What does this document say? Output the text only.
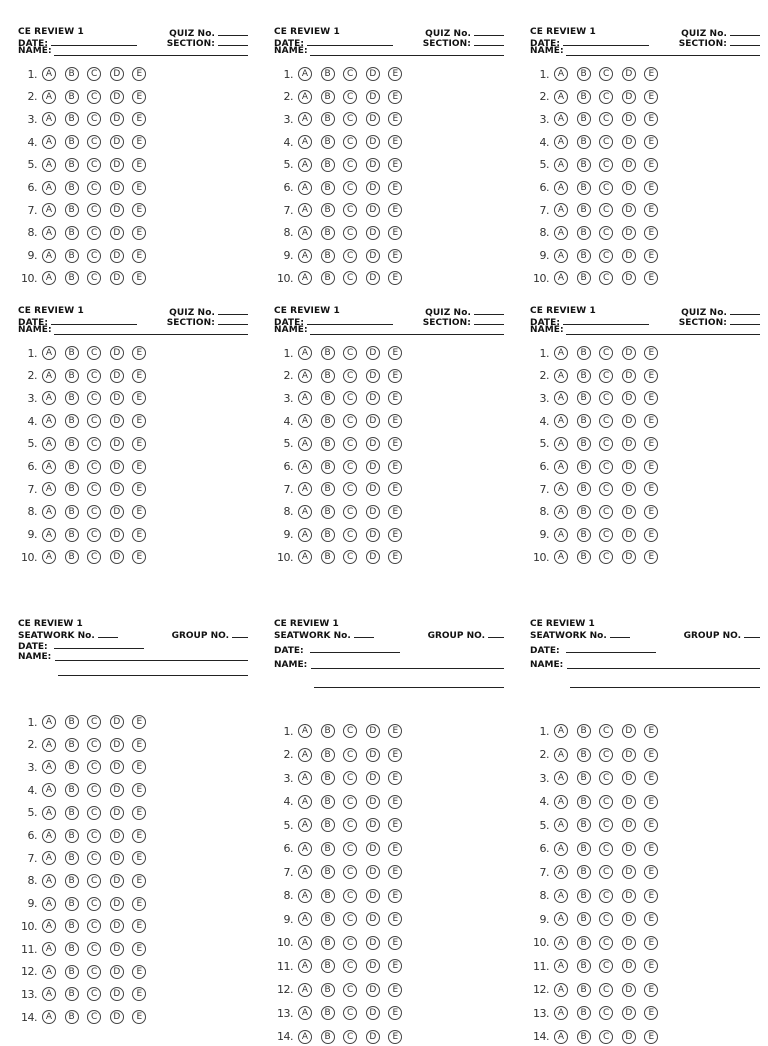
CE REVIEW 1	QUIZ No.
DATE:	SECTION:
NAME:
1. A	B	C	D	E
2. A	B	C	D	E
3. A	B	C	D	E
4. A	B	C	D	E
5. A	B	C	D	E
6. A	B	C	D	E
7. A	B	C	D	E
8. A	B	C	D	E
9. A	B	C	D	E
10. A	B	C	D	E
CE REVIEW 1	QUIZ No.
DATE:	SECTION:
NAME:
1. A	B	C	D	E
2. A	B	C	D	E
3. A	B	C	D	E
4. A	B	C	D	E
5. A	B	C	D	E
6. A	B	C	D	E
7. A	B	C	D	E
8. A	B	C	D	E
9. A	B	C	D	E
10. A	B	C	D	E
CE REVIEW 1	QUIZ No.
DATE:	SECTION:
NAME:
1. A	B	C	D	E
2. A	B	C	D	E
3. A	B	C	D	E
4. A	B	C	D	E
5. A	B	C	D	E
6. A	B	C	D	E
7. A	B	C	D	E
8. A	B	C	D	E
9. A	B	C	D	E
10. A	B	C	D	E
CE REVIEW 1	QUIZ No.
DATE:	SECTION:
NAME:
1. A	B	C	D	E
2. A	B	C	D	E
3. A	B	C	D	E
4. A	B	C	D	E
5. A	B	C	D	E
6. A	B	C	D	E
7. A	B	C	D	E
8. A	B	C	D	E
9. A	B	C	D	E
10. A	B	C	D	E
CE REVIEW 1	QUIZ No.
DATE:	SECTION:
NAME:
1. A	B	C	D	E
2. A	B	C	D	E
3. A	B	C	D	E
4. A	B	C	D	E
5. A	B	C	D	E
6. A	B	C	D	E
7. A	B	C	D	E
8. A	B	C	D	E
9. A	B	C	D	E
10. A	B	C	D	E
CE REVIEW 1	QUIZ No.
DATE:	SECTION:
NAME:
1. A	B	C	D	E
2. A	B	C	D	E
3. A	B	C	D	E
4. A	B	C	D	E
5. A	B	C	D	E
6. A	B	C	D	E
7. A	B	C	D	E
8. A	B	C	D	E
9. A	B	C	D	E
10. A	B	C	D	E
CE REVIEW 1
SEATWORK No.	GROUP NO.
DATE:
NAME:
1. A	B	C	D	E
2. A	B	C	D	E
3. A	B	C	D	E
4. A	B	C	D	E
5. A	B	C	D	E
6. A	B	C	D	E
7. A	B	C	D	E
8. A	B	C	D	E
9. A	B	C	D	E
10. A	B	C	D	E
11. A	B	C	D	E
12. A	B	C	D	E
13. A	B	C	D	E
14. A	B	C	D	E
CE REVIEW 1
SEATWORK No.	GROUP NO.
DATE:
NAME:
1. A	B	C	D	E
2. A	B	C	D	E
3. A	B	C	D	E
4. A	B	C	D	E
5. A	B	C	D	E
6. A	B	C	D	E
7. A	B	C	D	E
8. A	B	C	D	E
9. A	B	C	D	E
10. A	B	C	D	E
11. A	B	C	D	E
12. A	B	C	D	E
13. A	B	C	D	E
14. A	B	C	D	E
CE REVIEW 1
SEATWORK No.	GROUP NO.
DATE:
NAME:
1. A	B	C	D	E
2. A	B	C	D	E
3. A	B	C	D	E
4. A	B	C	D	E
5. A	B	C	D	E
6. A	B	C	D	E
7. A	B	C	D	E
8. A	B	C	D	E
9. A	B	C	D	E
10. A	B	C	D	E
11. A	B	C	D	E
12. A	B	C	D	E
13. A	B	C	D	E
14. A	B	C	D	E
